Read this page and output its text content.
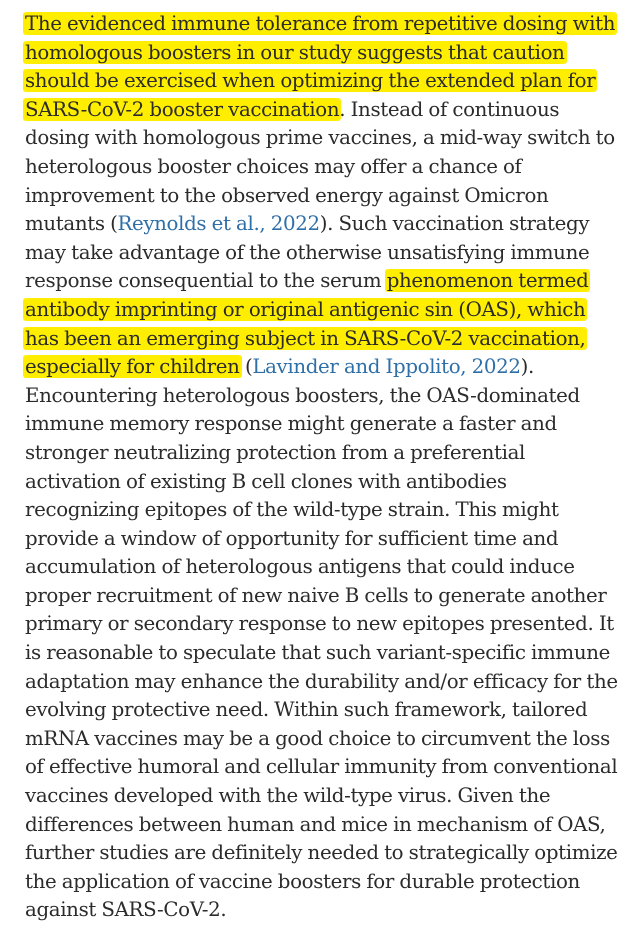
The evidenced immune tolerance from repetitive dosing with homologous boosters in our study suggests that caution should be exercised when optimizing the extended plan for SARS-CoV-2 booster vaccination. Instead of continuous dosing with homologous prime vaccines, a mid-way switch to heterologous booster choices may offer a chance of improvement to the observed energy against Omicron mutants (Reynolds et al., 2022). Such vaccination strategy may take advantage of the otherwise unsatisfying immune response consequential to the serum phenomenon termed antibody imprinting or original antigenic sin (OAS), which has been an emerging subject in SARS-CoV-2 vaccination, especially for children (Lavinder and Ippolito, 2022). Encountering heterologous boosters, the OAS-dominated immune memory response might generate a faster and stronger neutralizing protection from a preferential activation of existing B cell clones with antibodies recognizing epitopes of the wild-type strain. This might provide a window of opportunity for sufficient time and accumulation of heterologous antigens that could induce proper recruitment of new naive B cells to generate another primary or secondary response to new epitopes presented. It is reasonable to speculate that such variant-specific immune adaptation may enhance the durability and/or efficacy for the evolving protective need. Within such framework, tailored mRNA vaccines may be a good choice to circumvent the loss of effective humoral and cellular immunity from conventional vaccines developed with the wild-type virus. Given the differences between human and mice in mechanism of OAS, further studies are definitely needed to strategically optimize the application of vaccine boosters for durable protection against SARS-CoV-2.
